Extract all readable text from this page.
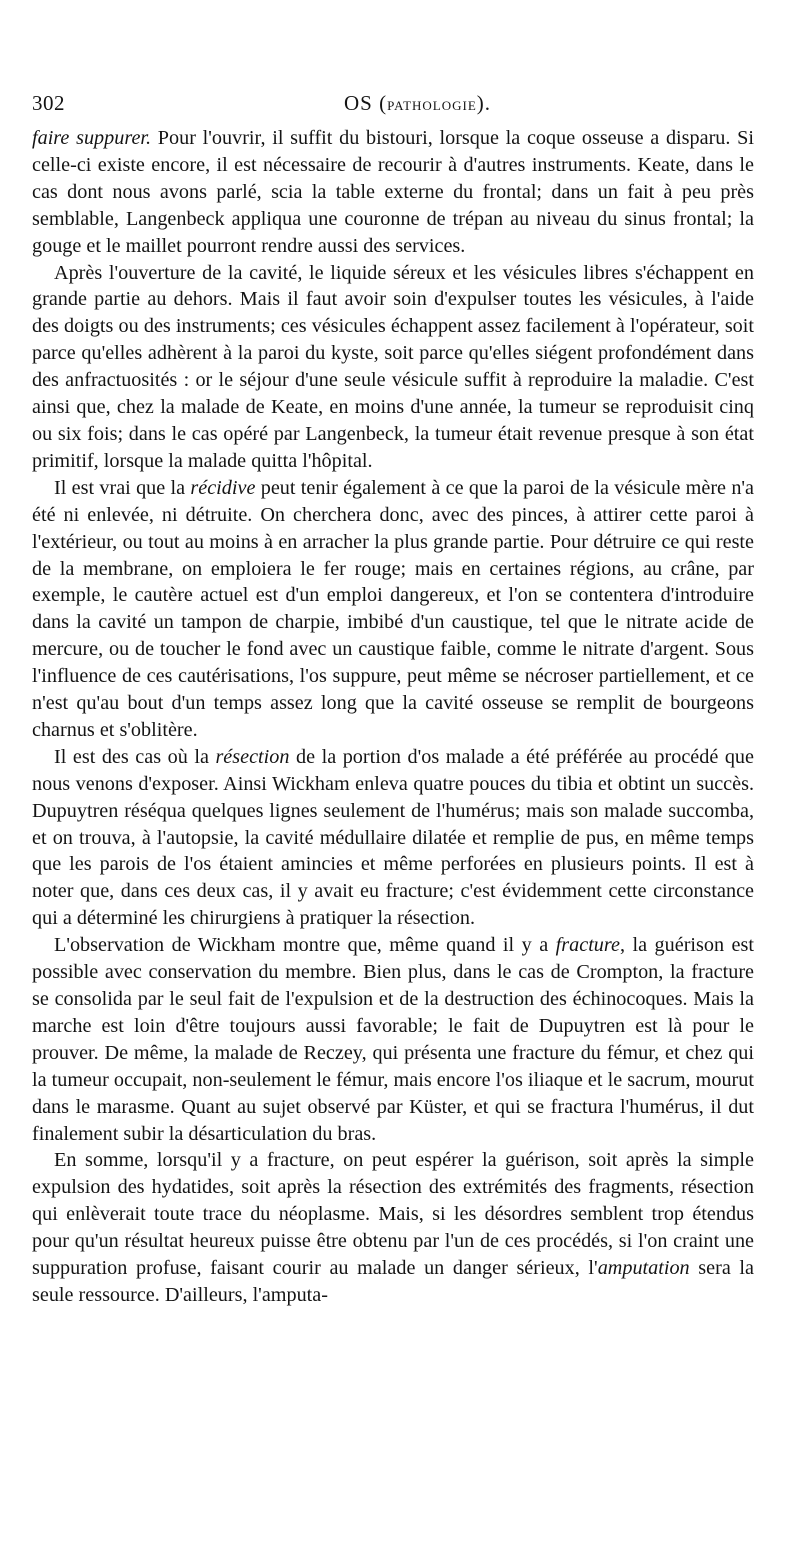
302	OS (PATHOLOGIE).

faire suppurer. Pour l'ouvrir, il suffit du bistouri, lorsque la coque osseuse a disparu. Si celle-ci existe encore, il est nécessaire de recourir à d'autres instruments. Keate, dans le cas dont nous avons parlé, scia la table externe du frontal; dans un fait à peu près semblable, Langenbeck appliqua une couronne de trépan au niveau du sinus frontal; la gouge et le maillet pourront rendre aussi des services.

Après l'ouverture de la cavité, le liquide séreux et les vésicules libres s'échappent en grande partie au dehors. Mais il faut avoir soin d'expulser toutes les vésicules, à l'aide des doigts ou des instruments; ces vésicules échappent assez facilement à l'opérateur, soit parce qu'elles adhèrent à la paroi du kyste, soit parce qu'elles siégent profondément dans des anfractuosités : or le séjour d'une seule vésicule suffit à reproduire la maladie. C'est ainsi que, chez la malade de Keate, en moins d'une année, la tumeur se reproduisit cinq ou six fois; dans le cas opéré par Langenbeck, la tumeur était revenue presque à son état primitif, lorsque la malade quitta l'hôpital.

Il est vrai que la récidive peut tenir également à ce que la paroi de la vésicule mère n'a été ni enlevée, ni détruite. On cherchera donc, avec des pinces, à attirer cette paroi à l'extérieur, ou tout au moins à en arracher la plus grande partie. Pour détruire ce qui reste de la membrane, on emploiera le fer rouge; mais en certaines régions, au crâne, par exemple, le cautère actuel est d'un emploi dangereux, et l'on se contentera d'introduire dans la cavité un tampon de charpie, imbibé d'un caustique, tel que le nitrate acide de mercure, ou de toucher le fond avec un caustique faible, comme le nitrate d'argent. Sous l'influence de ces cautérisations, l'os suppure, peut même se nécroser partiellement, et ce n'est qu'au bout d'un temps assez long que la cavité osseuse se remplit de bourgeons charnus et s'oblitère.

Il est des cas où la résection de la portion d'os malade a été préférée au procédé que nous venons d'exposer. Ainsi Wickham enleva quatre pouces du tibia et obtint un succès. Dupuytren réséqua quelques lignes seulement de l'humérus; mais son malade succomba, et on trouva, à l'autopsie, la cavité médullaire dilatée et remplie de pus, en même temps que les parois de l'os étaient amincies et même perforées en plusieurs points. Il est à noter que, dans ces deux cas, il y avait eu fracture; c'est évidemment cette circonstance qui a déterminé les chirurgiens à pratiquer la résection.

L'observation de Wickham montre que, même quand il y a fracture, la guérison est possible avec conservation du membre. Bien plus, dans le cas de Crompton, la fracture se consolida par le seul fait de l'expulsion et de la destruction des échinocoques. Mais la marche est loin d'être toujours aussi favorable; le fait de Dupuytren est là pour le prouver. De même, la malade de Reczey, qui présenta une fracture du fémur, et chez qui la tumeur occupait, non-seulement le fémur, mais encore l'os iliaque et le sacrum, mourut dans le marasme. Quant au sujet observé par Küster, et qui se fractura l'humérus, il dut finalement subir la désarticulation du bras.

En somme, lorsqu'il y a fracture, on peut espérer la guérison, soit après la simple expulsion des hydatides, soit après la résection des extrémités des fragments, résection qui enlèverait toute trace du néoplasme. Mais, si les désordres semblent trop étendus pour qu'un résultat heureux puisse être obtenu par l'un de ces procédés, si l'on craint une suppuration profuse, faisant courir au malade un danger sérieux, l'amputation sera la seule ressource. D'ailleurs, l'amputa-
